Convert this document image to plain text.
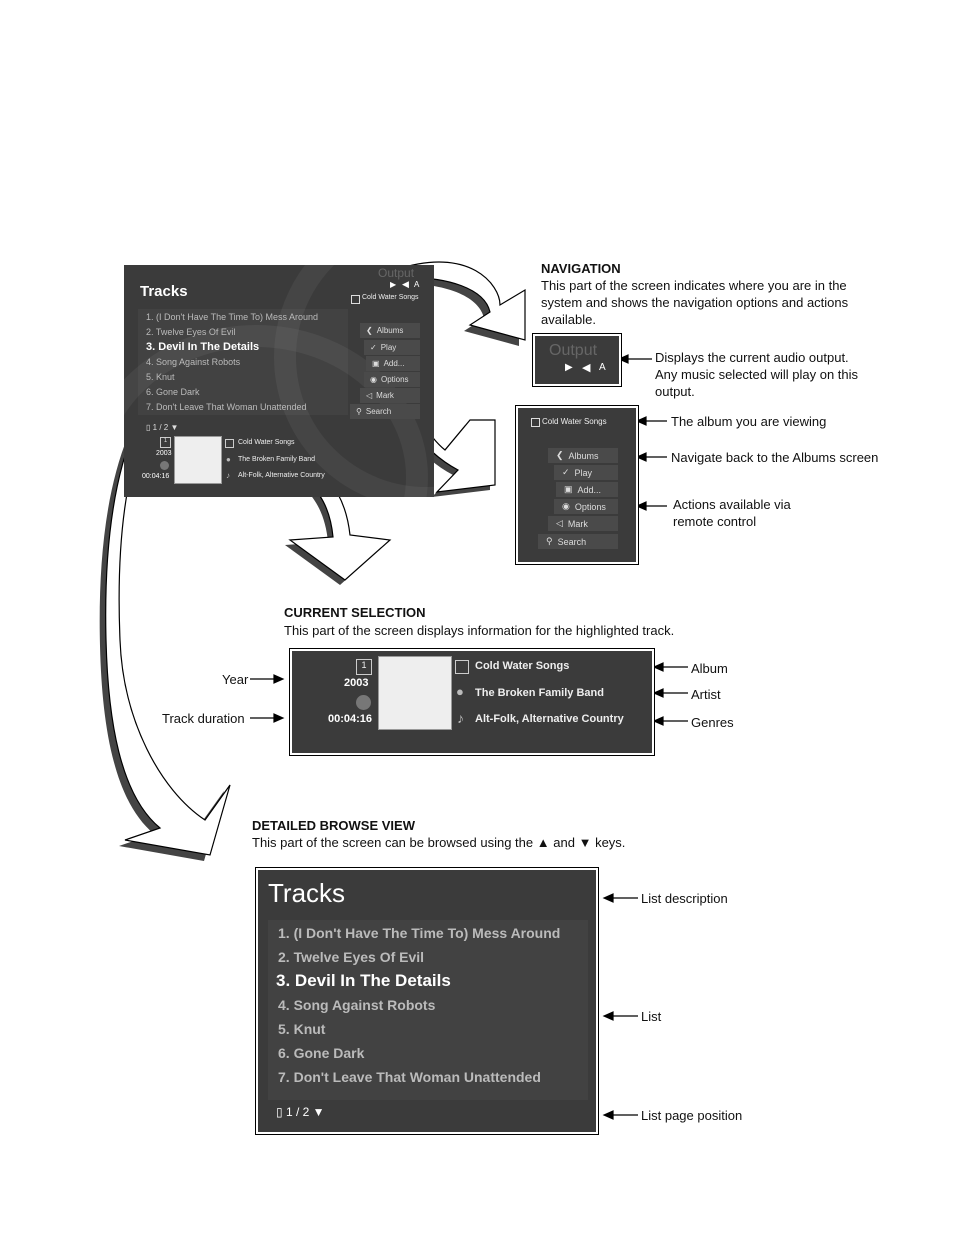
Tracks
Output
▶ ◀ A
Cold Water Songs
1. (I Don't Have The Time To) Mess Around
2. Twelve Eyes Of Evil
3. Devil In The Details
4. Song Against Robots
5. Knut
6. Gone Dark
7. Don't Leave That Woman Unattended
❮ Albums
✓ Play
▣ Add...
◉ Options
◁ Mark
⚲ Search
▯ 1 / 2 ▼
1
2003
00:04:16
Cold Water Songs
● The Broken Family Band
♪ Alt-Folk, Alternative Country
NAVIGATION
This part of the screen indicates where you are in the system and shows the navigation options and actions available.
Output
▶ ◀ A
Displays the current audio output. Any music selected will play on this output.
Cold Water Songs
❮ Albums
✓ Play
▣ Add...
◉ Options
◁ Mark
⚲ Search
The album you are viewing
Navigate back to the Albums screen
Actions available via remote control
CURRENT SELECTION
This part of the screen displays information for the highlighted track.
1
2003
00:04:16
Cold Water Songs
● The Broken Family Band
♪ Alt-Folk, Alternative Country
Year
Track duration
Album
Artist
Genres
DETAILED BROWSE VIEW
This part of the screen can be browsed using the ▲ and ▼ keys.
Tracks
1. (I Don't Have The Time To) Mess Around
2. Twelve Eyes Of Evil
3. Devil In The Details
4. Song Against Robots
5. Knut
6. Gone Dark
7. Don't Leave That Woman Unattended
▯ 1 / 2 ▼
List description
List
List page position
